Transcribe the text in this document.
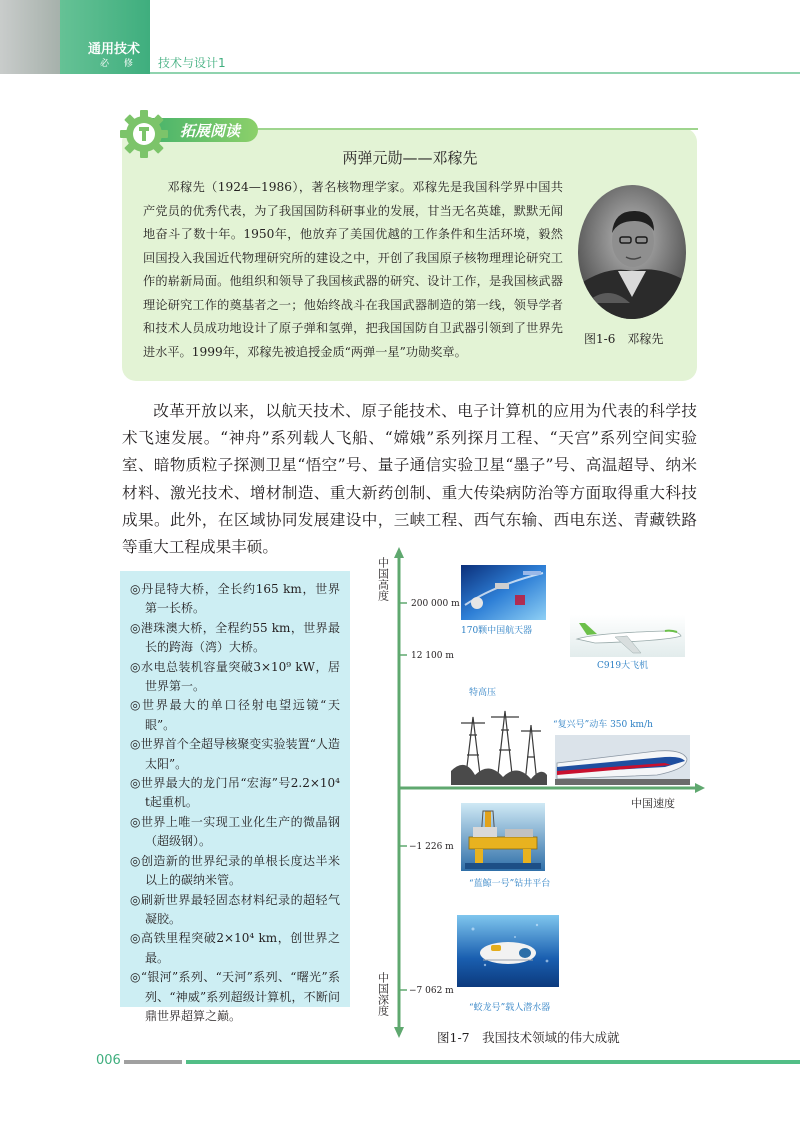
通用技术
必 修 技术与设计1
拓展阅读
两弹元勋——邓稼先

邓稼先（1924—1986），著名核物理学家。邓稼先是我国科学界中国共产党员的优秀代表，为了我国国防科研事业的发展，甘当无名英雄，默默无闻地奋斗了数十年。1950年，他放弃了美国优越的工作条件和生活环境，毅然回国投入我国近代物理研究所的建设之中，开创了我国原子核物理理论研究工作的崭新局面。他组织和领导了我国核武器的研究、设计工作，是我国核武器理论研究工作的奠基者之一；他始终战斗在我国武器制造的第一线，领导学者和技术人员成功地设计了原子弹和氢弹，把我国国防自卫武器引领到了世界先进水平。1999年，邓稼先被追授金质“两弹一星”功勋奖章。

图1-6　邓稼先

改革开放以来，以航天技术、原子能技术、电子计算机的应用为代表的科学技术飞速发展。“神舟”系列载人飞船、“嫦娥”系列探月工程、“天宫”系列空间实验室、暗物质粒子探测卫星“悟空”号、量子通信实验卫星“墨子”号、高温超导、纳米材料、激光技术、增材制造、重大新药创制、重大传染病防治等方面取得重大科技成果。此外，在区域协同发展建设中，三峡工程、西气东输、西电东送、青藏铁路等重大工程成果丰硕。

◎丹昆特大桥，全长约165 km，世界第一长桥。
◎港珠澳大桥，全程约55 km，世界最长的跨海（湾）大桥。
◎水电总装机容量突破3×10⁹ kW，居世界第一。
◎世界最大的单口径射电望远镜“天眼”。
◎世界首个全超导核聚变实验装置“人造太阳”。
◎世界最大的龙门吊“宏海”号2.2×10⁴ t起重机。
◎世界上唯一实现工业化生产的微晶钢（超级钢）。
◎创造新的世界纪录的单根长度达半米以上的碳纳米管。
◎刷新世界最轻固态材料纪录的超轻气凝胶。
◎高铁里程突破2×10⁴ km，创世界之最。
◎“银河”系列、“天河”系列、“曙光”系列、“神威”系列超级计算机，不断问鼎世界超算之巅。
中国高度
中国深度
中国速度
200 000 m
12 100 m
−1 226 m
−7 062 m
170颗中国航天器
C919大飞机
特高压
“复兴号”动车 350 km/h
“蓝鲸一号”钻井平台
“蛟龙号”载人潜水器
图1-7　我国技术领域的伟大成就
006
